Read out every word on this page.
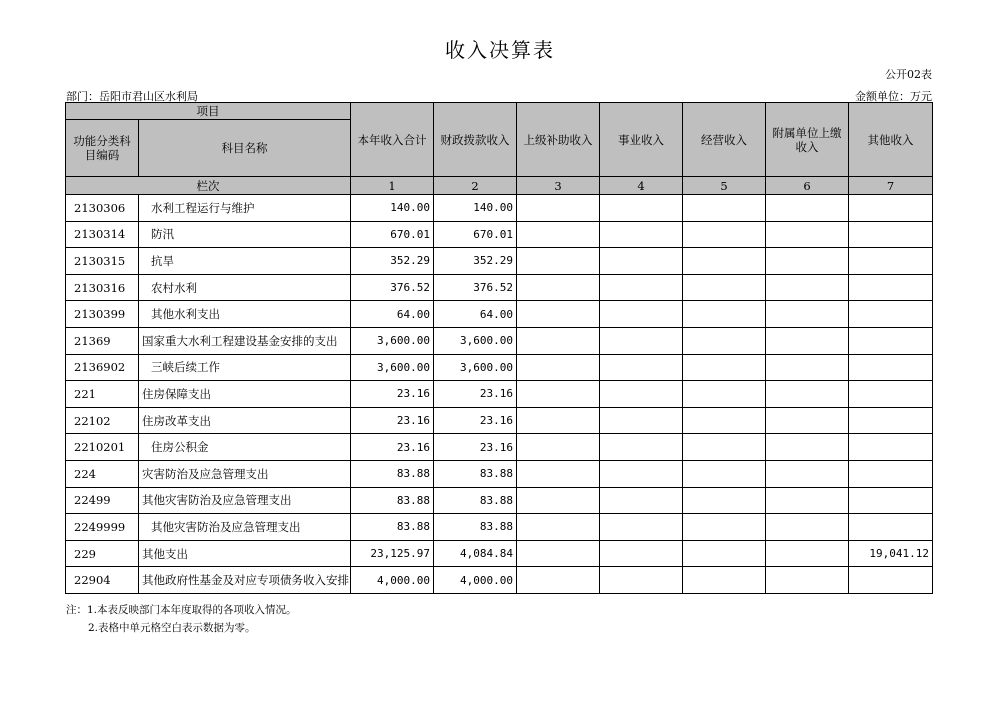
收入决算表
公开02表
部门：岳阳市君山区水利局	金额单位：万元
项目		本年收入合计	财政拨款收入	上级补助收入	事业收入	经营收入	附属单位上缴收入	其他收入
功能分类科目编码	科目名称							
栏次		1	2	3	4	5	6	7
2130306	水利工程运行与维护	140.00	140.00					
2130314	防汛	670.01	670.01					
2130315	抗旱	352.29	352.29					
2130316	农村水利	376.52	376.52					
2130399	其他水利支出	64.00	64.00					
21369	国家重大水利工程建设基金安排的支出	3,600.00	3,600.00					
2136902	三峡后续工作	3,600.00	3,600.00					
221	住房保障支出	23.16	23.16					
22102	住房改革支出	23.16	23.16					
2210201	住房公积金	23.16	23.16					
224	灾害防治及应急管理支出	83.88	83.88					
22499	其他灾害防治及应急管理支出	83.88	83.88					
2249999	其他灾害防治及应急管理支出	83.88	83.88					
229	其他支出	23,125.97	4,084.84					19,041.12
22904	其他政府性基金及对应专项债务收入安排	4,000.00	4,000.00					
注：1.本表反映部门本年度取得的各项收入情况。
2.表格中单元格空白表示数据为零。
